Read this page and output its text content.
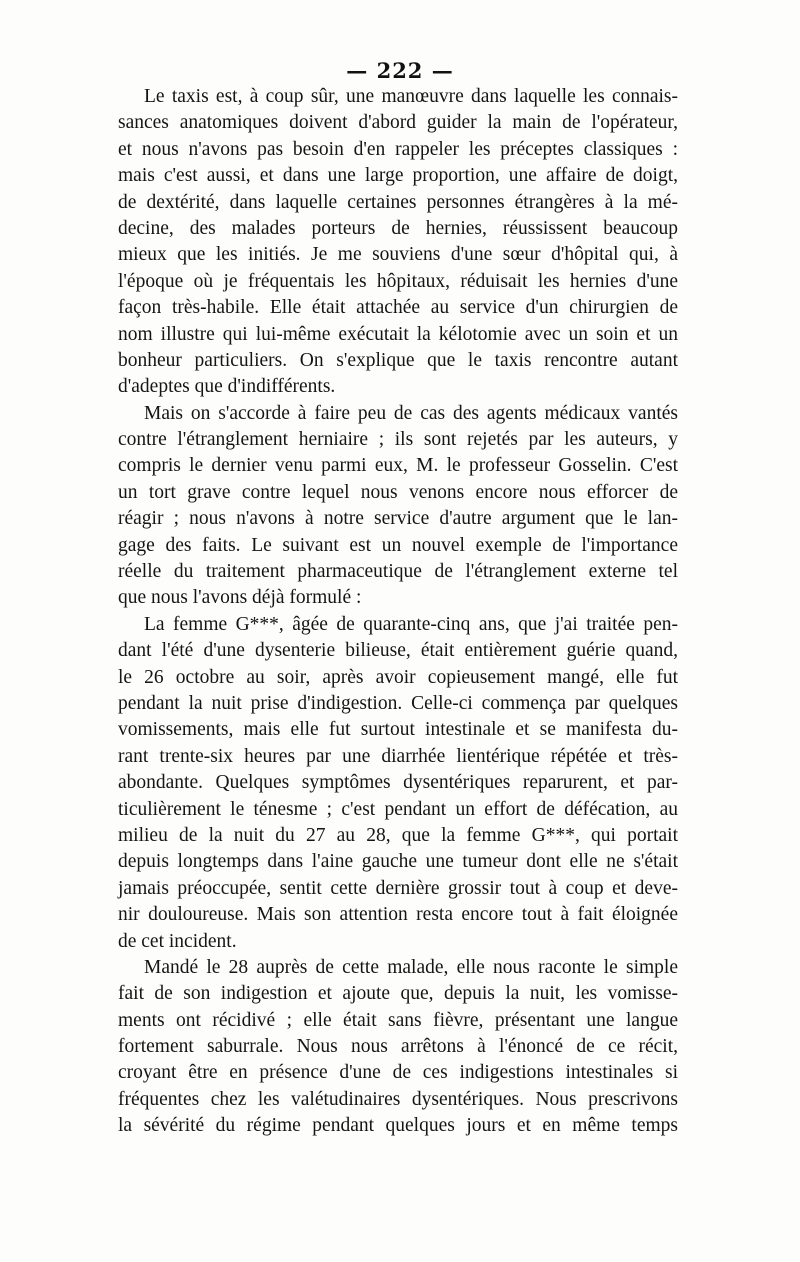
— 222 —
Le taxis est, à coup sûr, une manœuvre dans laquelle les connais-
sances anatomiques doivent d'abord guider la main de l'opérateur,
et nous n'avons pas besoin d'en rappeler les préceptes classiques :
mais c'est aussi, et dans une large proportion, une affaire de doigt,
de dextérité, dans laquelle certaines personnes étrangères à la mé-
decine, des malades porteurs de hernies, réussissent beaucoup
mieux que les initiés. Je me souviens d'une sœur d'hôpital qui, à
l'époque où je fréquentais les hôpitaux, réduisait les hernies d'une
façon très-habile. Elle était attachée au service d'un chirurgien de
nom illustre qui lui-même exécutait la kélotomie avec un soin et un
bonheur particuliers. On s'explique que le taxis rencontre autant
d'adeptes que d'indifférents.
Mais on s'accorde à faire peu de cas des agents médicaux vantés
contre l'étranglement herniaire ; ils sont rejetés par les auteurs, y
compris le dernier venu parmi eux, M. le professeur Gosselin. C'est
un tort grave contre lequel nous venons encore nous efforcer de
réagir ; nous n'avons à notre service d'autre argument que le lan-
gage des faits. Le suivant est un nouvel exemple de l'importance
réelle du traitement pharmaceutique de l'étranglement externe tel
que nous l'avons déjà formulé :
La femme G***, âgée de quarante-cinq ans, que j'ai traitée pen-
dant l'été d'une dysenterie bilieuse, était entièrement guérie quand,
le 26 octobre au soir, après avoir copieusement mangé, elle fut
pendant la nuit prise d'indigestion. Celle-ci commença par quelques
vomissements, mais elle fut surtout intestinale et se manifesta du-
rant trente-six heures par une diarrhée lientérique répétée et très-
abondante. Quelques symptômes dysentériques reparurent, et par-
ticulièrement le ténesme ; c'est pendant un effort de défécation, au
milieu de la nuit du 27 au 28, que la femme G***, qui portait
depuis longtemps dans l'aine gauche une tumeur dont elle ne s'était
jamais préoccupée, sentit cette dernière grossir tout à coup et deve-
nir douloureuse. Mais son attention resta encore tout à fait éloignée
de cet incident.
Mandé le 28 auprès de cette malade, elle nous raconte le simple
fait de son indigestion et ajoute que, depuis la nuit, les vomisse-
ments ont récidivé ; elle était sans fièvre, présentant une langue
fortement saburrale. Nous nous arrêtons à l'énoncé de ce récit,
croyant être en présence d'une de ces indigestions intestinales si
fréquentes chez les valétudinaires dysentériques. Nous prescrivons
la sévérité du régime pendant quelques jours et en même temps
